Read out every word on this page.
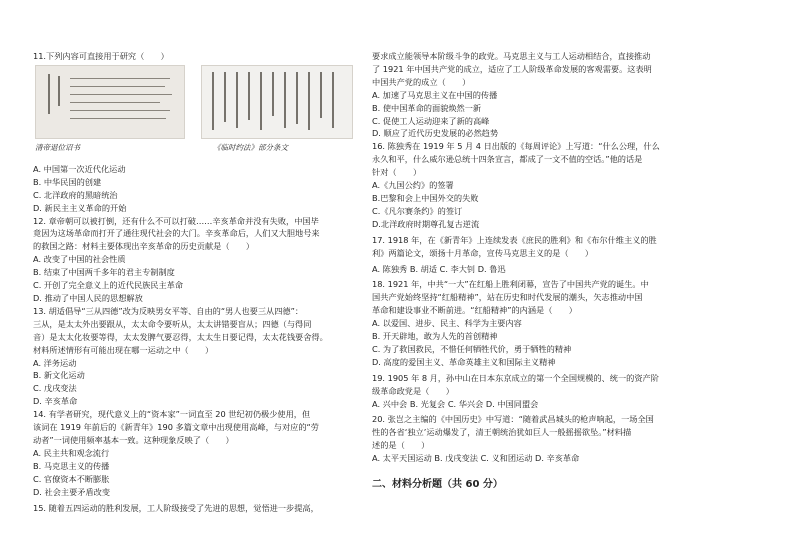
11.下列内容可直接用于研究（　　）

清帝退位诏书	《临时约法》部分条文

A. 中国第一次近代化运动

B. 中华民国的创建

C. 北洋政府的黑暗统治

D. 新民主主义革命的开始

12. 章帝朝可以被打倒，还有什么不可以打破……辛亥革命并没有失败，中国毕

竟因为这场革命而打开了通往现代社会的大门。辛亥革命后，人们又大胆地号来

的救国之路：材料主要体现出辛亥革命的历史贡献是（　　）

A. 改变了中国的社会性质

B. 结束了中国两千多年的君主专制制度

C. 开创了完全意义上的近代民族民主革命

D. 推动了中国人民的思想解放

13. 胡适倡导“三从四德”改为反映男女平等、自由的“男人也要三从四德”：

三从，是太太外出要跟从，太太命令要听从，太太讲错要盲从；四德（与得同

音）是太太化妆要等得，太太发脾气要忍得，太太生日要记得，太太花钱要舍得。

材料所述情形有可能出现在哪一运动之中（　　）

A. 洋务运动

B. 新文化运动

C. 戊戌变法

D. 辛亥革命

14. 有学者研究，现代意义上的“资本家”一词直至 20 世纪初仍极少使用，但

该词在 1919 年前后的《新青年》190 多篇文章中出现使用高峰，与对应的“劳

动者”一词使用频率基本一致。这种现象反映了（　　）

A. 民主共和观念流行

B. 马克思主义的传播

C. 官僚资本不断膨胀

D. 社会主要矛盾改变

15. 随着五四运动的胜利发展，工人阶级接受了先进的思想，觉悟进一步提高，

要求成立能领导本阶级斗争的政党。马克思主义与工人运动相结合，直接推动

了 1921 年中国共产党的成立，适应了工人阶级革命发展的客观需要。这表明

中国共产党的成立（　　）

A. 加速了马克思主义在中国的传播

B. 使中国革命的面貌焕然一新

C. 促使工人运动迎来了新的高峰

D. 顺应了近代历史发展的必然趋势

16. 陈独秀在 1919 年 5 月 4 日出版的《每周评论》上写道：“什么公理，什么

永久和平，什么威尔逊总统十四条宣言，都成了一文不值的空话。”他的话是

针对（　　）

A.《九国公约》的签署

B.巴黎和会上中国外交的失败

C.《凡尔赛条约》的签订

D.北洋政府时期尊孔复古逆流

17. 1918 年，在《新青年》上连续发表《庶民的胜利》和《布尔什维主义的胜

利》两篇论文，颂扬十月革命，宣传马克思主义的是（　　）

A. 陈独秀 B. 胡适 C. 李大钊 D. 鲁迅

18. 1921 年，中共“一大”在红船上胜利闭幕，宣告了中国共产党的诞生。中

国共产党始终坚持“红船精神”，站在历史和时代发展的潮头，矢志推动中国

革命和建设事业不断前进。“红船精神”的内涵是（　　）

A. 以爱国、进步、民主、科学为主要内容

B. 开天辟地，敢为人先的首创精神

C. 为了救国救民，不惜任何牺牲代价，勇于牺牲的精神

D. 高度的爱国主义、革命英雄主义和国际主义精神

19. 1905 年 8 月，孙中山在日本东京成立的第一个全国规模的、统一的资产阶

级革命政党是（　　）

A. 兴中会 B. 光复会 C. 华兴会 D. 中国同盟会

20. 张岂之主编的《中国历史》中写道：“随着武昌城头的枪声响起，一场全国

性的各省‘独立’运动爆发了，清王朝统治犹如巨人一般摇摇欲坠。”材料描

述的是（　　）

A. 太平天国运动 B. 戊戌变法 C. 义和团运动 D. 辛亥革命

二、材料分析题（共 60 分）
